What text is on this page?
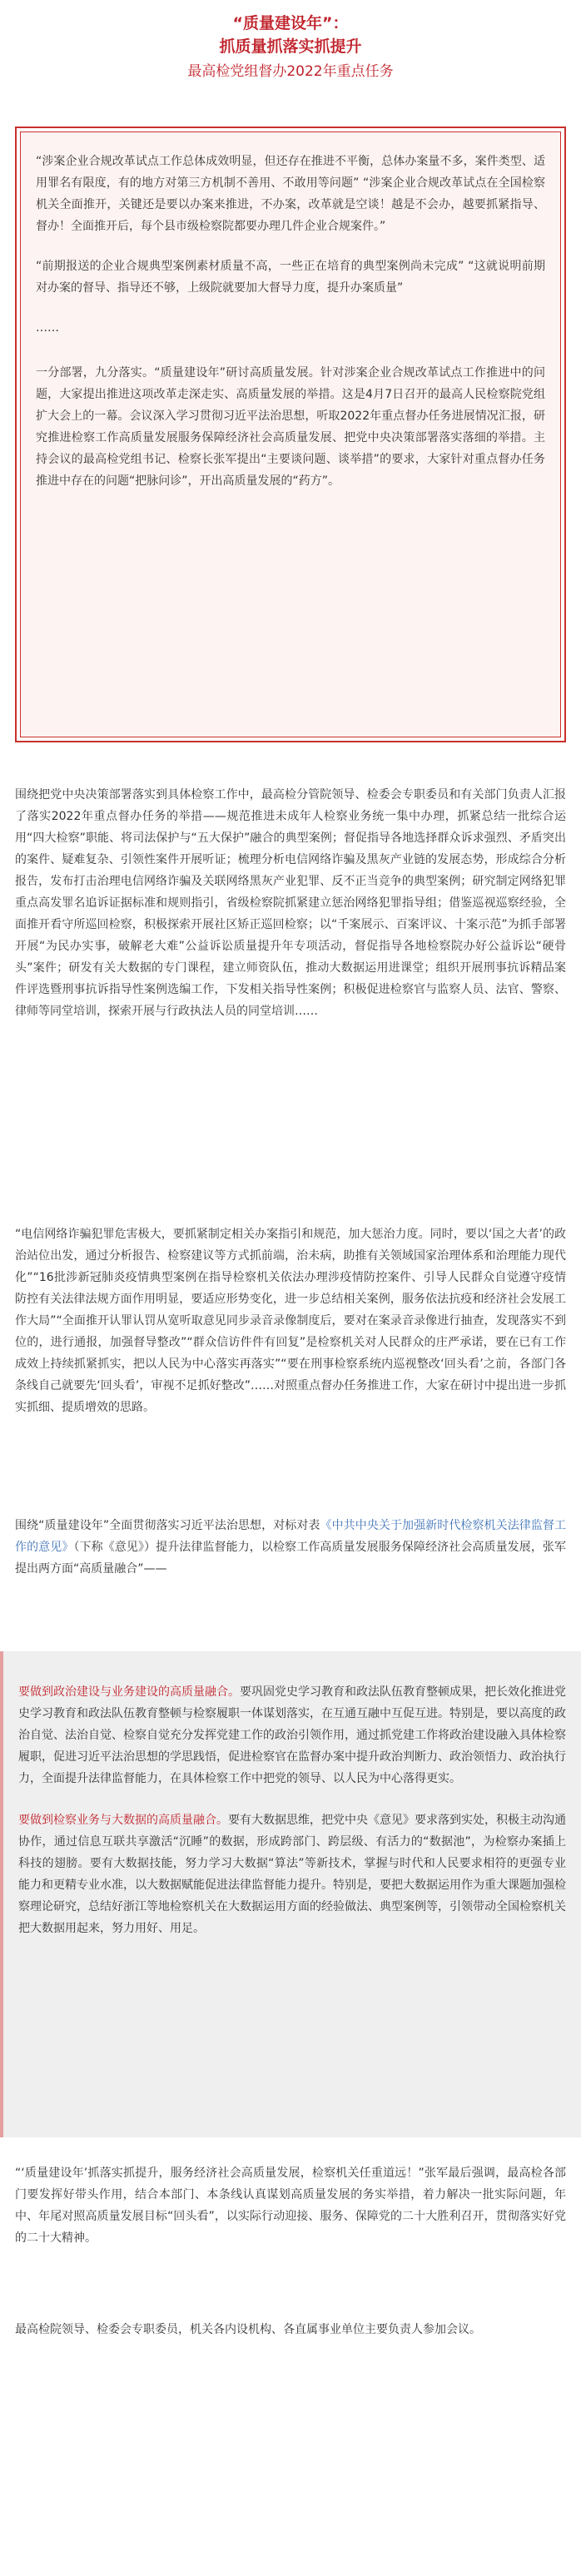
“质量建设年”：
抓质量抓落实抓提升
最高检党组督办2022年重点任务

“涉案企业合规改革试点工作总体成效明显，但还存在推进不平衡，总体办案量不多，案件类型、适用罪名有限度，有的地方对第三方机制不善用、不敢用等问题” “涉案企业合规改革试点在全国检察机关全面推开，关键还是要以办案来推进，不办案，改革就是空谈！越是不会办，越要抓紧指导、督办！全面推开后，每个县市级检察院都要办理几件企业合规案件。”

“前期报送的企业合规典型案例素材质量不高，一些正在培育的典型案例尚未完成” “这就说明前期对办案的督导、指导还不够，上级院就要加大督导力度，提升办案质量”

……

一分部署，九分落实。“质量建设年”研讨高质量发展。针对涉案企业合规改革试点工作推进中的问题，大家提出推进这项改革走深走实、高质量发展的举措。这是4月7日召开的最高人民检察院党组扩大会上的一幕。会议深入学习贯彻习近平法治思想，听取2022年重点督办任务进展情况汇报，研究推进检察工作高质量发展服务保障经济社会高质量发展、把党中央决策部署落实落细的举措。主持会议的最高检党组书记、检察长张军提出“主要谈问题、谈举措”的要求，大家针对重点督办任务推进中存在的问题“把脉问诊”，开出高质量发展的“药方”。

围绕把党中央决策部署落实到具体检察工作中，最高检分管院领导、检委会专职委员和有关部门负责人汇报了落实2022年重点督办任务的举措——规范推进未成年人检察业务统一集中办理，抓紧总结一批综合运用“四大检察”职能、将司法保护与“五大保护”融合的典型案例；督促指导各地选择群众诉求强烈、矛盾突出的案件、疑难复杂、引领性案件开展听证；梳理分析电信网络诈骗及黑灰产业链的发展态势，形成综合分析报告，发布打击治理电信网络诈骗及关联网络黑灰产业犯罪、反不正当竞争的典型案例；研究制定网络犯罪重点高发罪名追诉证据标准和规则指引，省级检察院抓紧建立惩治网络犯罪指导组；借鉴巡视巡察经验，全面推开看守所巡回检察，积极探索开展社区矫正巡回检察；以“千案展示、百案评议、十案示范”为抓手部署开展“为民办实事，破解老大难”公益诉讼质量提升年专项活动，督促指导各地检察院办好公益诉讼“硬骨头”案件；研发有关大数据的专门课程，建立师资队伍，推动大数据运用进课堂；组织开展刑事抗诉精品案件评选暨刑事抗诉指导性案例选编工作，下发相关指导性案例；积极促进检察官与监察人员、法官、警察、律师等同堂培训，探索开展与行政执法人员的同堂培训……

“电信网络诈骗犯罪危害极大，要抓紧制定相关办案指引和规范，加大惩治力度。同时，要以‘国之大者’的政治站位出发，通过分析报告、检察建议等方式抓前端，治未病，助推有关领域国家治理体系和治理能力现代化”“16批涉新冠肺炎疫情典型案例在指导检察机关依法办理涉疫情防控案件、引导人民群众自觉遵守疫情防控有关法律法规方面作用明显，要适应形势变化，进一步总结相关案例，服务依法抗疫和经济社会发展工作大局”“全面推开认罪认罚从宽听取意见同步录音录像制度后，要对在案录音录像进行抽查，发现落实不到位的，进行通报，加强督导整改”“群众信访件件有回复”是检察机关对人民群众的庄严承诺，要在已有工作成效上持续抓紧抓实，把以人民为中心落实再落实”“要在刑事检察系统内巡视整改‘回头看’之前，各部门各条线自己就要先‘回头看’，审视不足抓好整改”……对照重点督办任务推进工作，大家在研讨中提出进一步抓实抓细、提质增效的思路。

围绕“质量建设年”全面贯彻落实习近平法治思想，对标对表《中共中央关于加强新时代检察机关法律监督工作的意见》（下称《意见》）提升法律监督能力，以检察工作高质量发展服务保障经济社会高质量发展，张军提出两方面“高质量融合”——

要做到政治建设与业务建设的高质量融合。要巩固党史学习教育和政法队伍教育整顿成果，把长效化推进党史学习教育和政法队伍教育整顿与检察履职一体谋划落实，在互通互融中互促互进。特别是，要以高度的政治自觉、法治自觉、检察自觉充分发挥党建工作的政治引领作用，通过抓党建工作将政治建设融入具体检察履职，促进习近平法治思想的学思践悟，促进检察官在监督办案中提升政治判断力、政治领悟力、政治执行力，全面提升法律监督能力，在具体检察工作中把党的领导、以人民为中心落得更实。

要做到检察业务与大数据的高质量融合。要有大数据思维，把党中央《意见》要求落到实处，积极主动沟通协作，通过信息互联共享激活“沉睡”的数据，形成跨部门、跨层级、有活力的“数据池”，为检察办案插上科技的翅膀。要有大数据技能，努力学习大数据“算法”等新技术，掌握与时代和人民要求相符的更强专业能力和更精专业水准，以大数据赋能促进法律监督能力提升。特别是，要把大数据运用作为重大课题加强检察理论研究，总结好浙江等地检察机关在大数据运用方面的经验做法、典型案例等，引领带动全国检察机关把大数据用起来，努力用好、用足。

“‘质量建设年’抓落实抓提升，服务经济社会高质量发展，检察机关任重道远！”张军最后强调，最高检各部门要发挥好带头作用，结合本部门、本条线认真谋划高质量发展的务实举措，着力解决一批实际问题，年中、年尾对照高质量发展目标“回头看”，以实际行动迎接、服务、保障党的二十大胜利召开，贯彻落实好党的二十大精神。

最高检院领导、检委会专职委员，机关各内设机构、各直属事业单位主要负责人参加会议。
